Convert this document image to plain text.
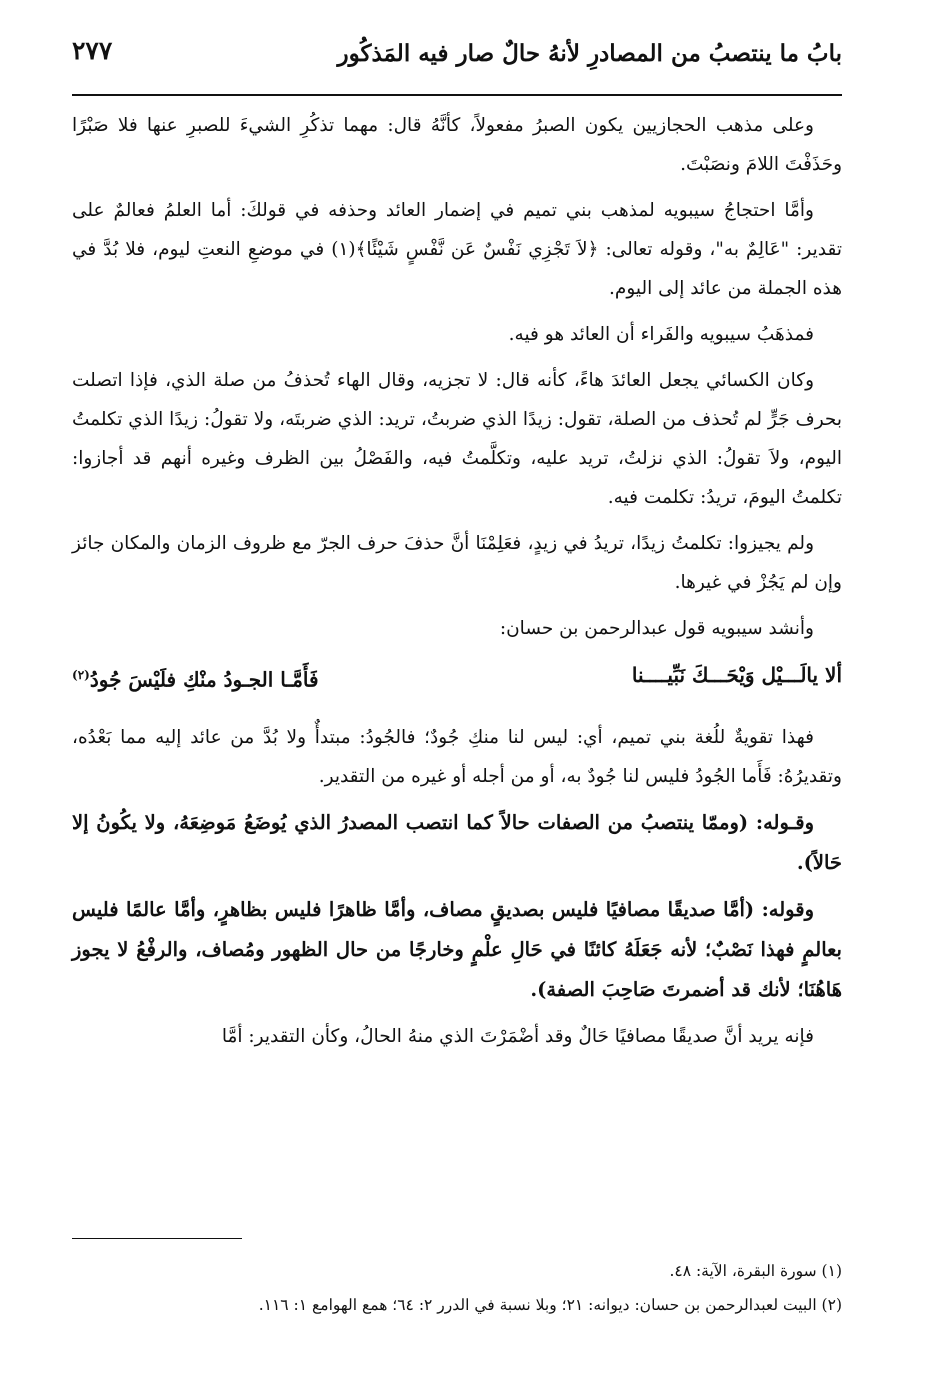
بابُ ما ينتصبُ من المصادرِ لأنهُ حالٌ صار فيه المَذكُور
٢٧٧

وعلى مذهب الحجازيين يكون الصبرُ مفعولاً، كأنَّهُ قال: مهما تذكُرِ الشيءَ للصبرِ عنها فلا صَبْرًا وحَذَفْتَ اللامَ ونصَبْتَ.

وأمَّا احتجاجُ سيبويه لمذهب بني تميم في إضمار العائد وحذفه في قولكَ: أما العلمُ فعالمٌ على تقدير: "عَالِمٌ به"، وقوله تعالى: ﴿لاَ تَجْزِي نَفْسٌ عَن نَّفْسٍ شَيْئًا﴾(١) في موضعِ النعتِ ليوم، فلا بُدَّ في هذه الجملة من عائد إلى اليوم.

فمذهَبُ سيبويه والفَراء أن العائد هو فيه.

وكان الكسائي يجعل العائدَ هاءً، كأنه قال: لا تجزيه، وقال الهاء تُحذفُ من صلة الذي، فإذا اتصلت بحرف جَرٍّ لم تُحذف من الصلة، تقول: زيدًا الذي ضربتُ، تريد: الذي ضربتَه، ولا تقولُ: زيدًا الذي تكلمتُ اليوم، ولاَ تقولُ: الذي نزلتُ، تريد عليه، وتكلَّمتُ فيه، والفَصْلُ بين الظرف وغيره أنهم قد أجازوا: تكلمتُ اليومَ، تريدُ: تكلمت فيه.

ولم يجيزوا: تكلمتُ زيدًا، تريدُ في زيدٍ، فعَلِمْنَا أنَّ حذفَ حرف الجرّ مع ظروف الزمان والمكان جائز وإن لم يَجُزْ في غيرها.

وأنشد سيبويه قول عبدالرحمن بن حسان:

ألا يالَـــيْل وَيْحَـــكَ نَبِّيــــنا
فَأَمَّـا الجـودُ منْكِ فلَيْسَ جُودُ$^{(٢)}$

فهذا تقويةٌ للُغة بني تميم، أي: ليس لنا منكِ جُودٌ؛ فالجُودُ: مبتدأٌ ولا بُدَّ من عائد إليه مما بَعْدُه، وتقديرُهُ: فَأَما الجُودُ فليس لنا جُودٌ به، أو من أجله أو غيره من التقدير.

وقـوله: (وممّا ينتصبُ من الصفات حالاً كما انتصب المصدرُ الذي يُوضَعُ مَوضِعَهُ، ولا يكُونُ إلا حَالاً).

وقوله: (أمَّا صديقًا مصافيًا فليس بصديقٍ مصاف، وأمَّا ظاهرًا فليس بظاهرٍ، وأمَّا عالمًا فليس بعالمٍ فهذا نَصْبٌ؛ لأنه جَعَلَهُ كائنًا في حَالِ علْمٍ وخارجًا من حال الظهور ومُصاف، والرفْعُ لا يجوز هَاهُنَا؛ لأنك قد أضمرتَ صَاحِبَ الصفة).

فإنه يريد أنَّ صديقًا مصافيًا حَالٌ وقد أضْمَرْتَ الذي منهُ الحالُ، وكأن التقدير: أمَّا

(١) سورة البقرة، الآية: ٤٨.

(٢) البيت لعبدالرحمن بن حسان: ديوانه: ٢١؛ وبلا نسبة في الدرر ٢: ٦٤؛ همع الهوامع ١: ١١٦.
